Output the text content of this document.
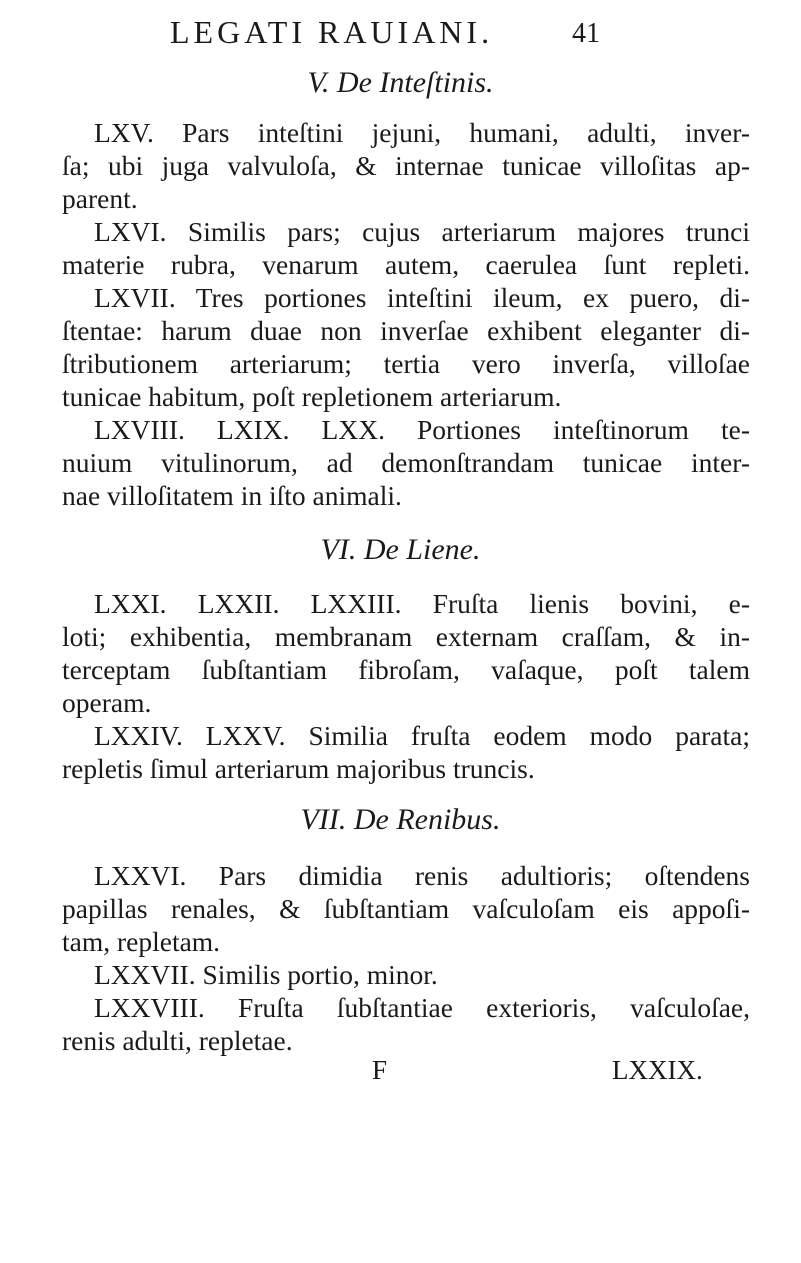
LEGATI RAUIANI.	41
V. De Inteſtinis.
LXV. Pars inteſtini jejuni, humani, adulti, inver-
ſa; ubi juga valvuloſa, & internae tunicae villoſitas ap-
parent.
LXVI. Similis pars; cujus arteriarum majores trunci
materie rubra, venarum autem, caerulea ſunt repleti.
LXVII. Tres portiones inteſtini ileum, ex puero, di-
ſtentae: harum duae non inverſae exhibent eleganter di-
ſtributionem arteriarum; tertia vero inverſa, villoſae
tunicae habitum, poſt repletionem arteriarum.
LXVIII. LXIX. LXX. Portiones inteſtinorum te-
nuium vitulinorum, ad demonſtrandam tunicae inter-
nae villoſitatem in iſto animali.
VI. De Liene.
LXXI. LXXII. LXXIII. Fruſta lienis bovini, e-
loti; exhibentia, membranam externam craſſam, & in-
terceptam ſubſtantiam fibroſam, vaſaque, poſt talem
operam.
LXXIV. LXXV. Similia fruſta eodem modo parata;
repletis ſimul arteriarum majoribus truncis.
VII. De Renibus.
LXXVI. Pars dimidia renis adultioris; oſtendens
papillas renales, & ſubſtantiam vaſculoſam eis appoſi-
tam, repletam.
LXXVII. Similis portio, minor.
LXXVIII. Fruſta ſubſtantiae exterioris, vaſculoſae,
renis adulti, repletae.
F	LXXIX.
